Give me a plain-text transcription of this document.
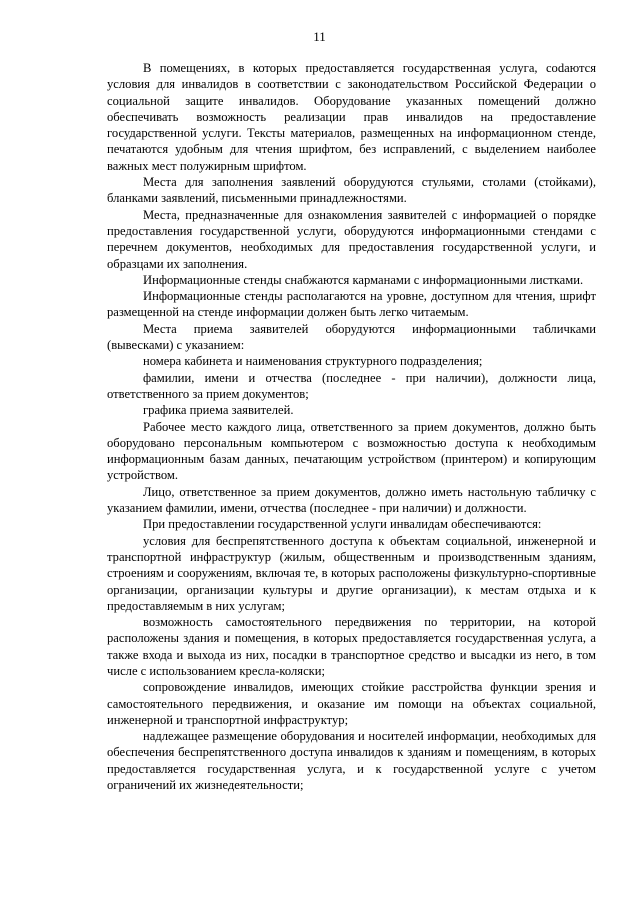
11

В помещениях, в которых предоставляется государственная услуга, соdаются условия для инвалидов в соответствии с законодательством Российской Федерации о социальной защите инвалидов. Оборудование указанных помещений должно обеспечивать возможность реализации прав инвалидов на предоставление государственной услуги. Тексты материалов, размещенных на информационном стенде, печатаются удобным для чтения шрифтом, без исправлений, с выделением наиболее важных мест полужирным шрифтом.

Места для заполнения заявлений оборудуются стульями, столами (стойками), бланками заявлений, письменными принадлежностями.

Места, предназначенные для ознакомления заявителей с информацией о порядке предоставления государственной услуги, оборудуются информационными стендами с перечнем документов, необходимых для предоставления государственной услуги, и образцами их заполнения.

Информационные стенды снабжаются карманами с информационными листками.

Информационные стенды располагаются на уровне, доступном для чтения, шрифт размещенной на стенде информации должен быть легко читаемым.

Места приема заявителей оборудуются информационными табличками (вывесками) с указанием:

номера кабинета и наименования структурного подразделения;

фамилии, имени и отчества (последнее - при наличии), должности лица, ответственного за прием документов;

графика приема заявителей.

Рабочее место каждого лица, ответственного за прием документов, должно быть оборудовано персональным компьютером с возможностью доступа к необходимым информационным базам данных, печатающим устройством (принтером) и копирующим устройством.

Лицо, ответственное за прием документов, должно иметь настольную табличку с указанием фамилии, имени, отчества (последнее - при наличии) и должности.

При предоставлении государственной услуги инвалидам обеспечиваются:

условия для беспрепятственного доступа к объектам социальной, инженерной и транспортной инфраструктур (жилым, общественным и производственным зданиям, строениям и сооружениям, включая те, в которых расположены физкультурно-спортивные организации, организации культуры и другие организации), к местам отдыха и к предоставляемым в них услугам;

возможность самостоятельного передвижения по территории, на которой расположены здания и помещения, в которых предоставляется государственная услуга, а также входа и выхода из них, посадки в транспортное средство и высадки из него, в том числе с использованием кресла-коляски;

сопровождение инвалидов, имеющих стойкие расстройства функции зрения и самостоятельного передвижения, и оказание им помощи на объектах социальной, инженерной и транспортной инфраструктур;

надлежащее размещение оборудования и носителей информации, необходимых для обеспечения беспрепятственного доступа инвалидов к зданиям и помещениям, в которых предоставляется государственная услуга, и к государственной услуге с учетом ограничений их жизнедеятельности;
